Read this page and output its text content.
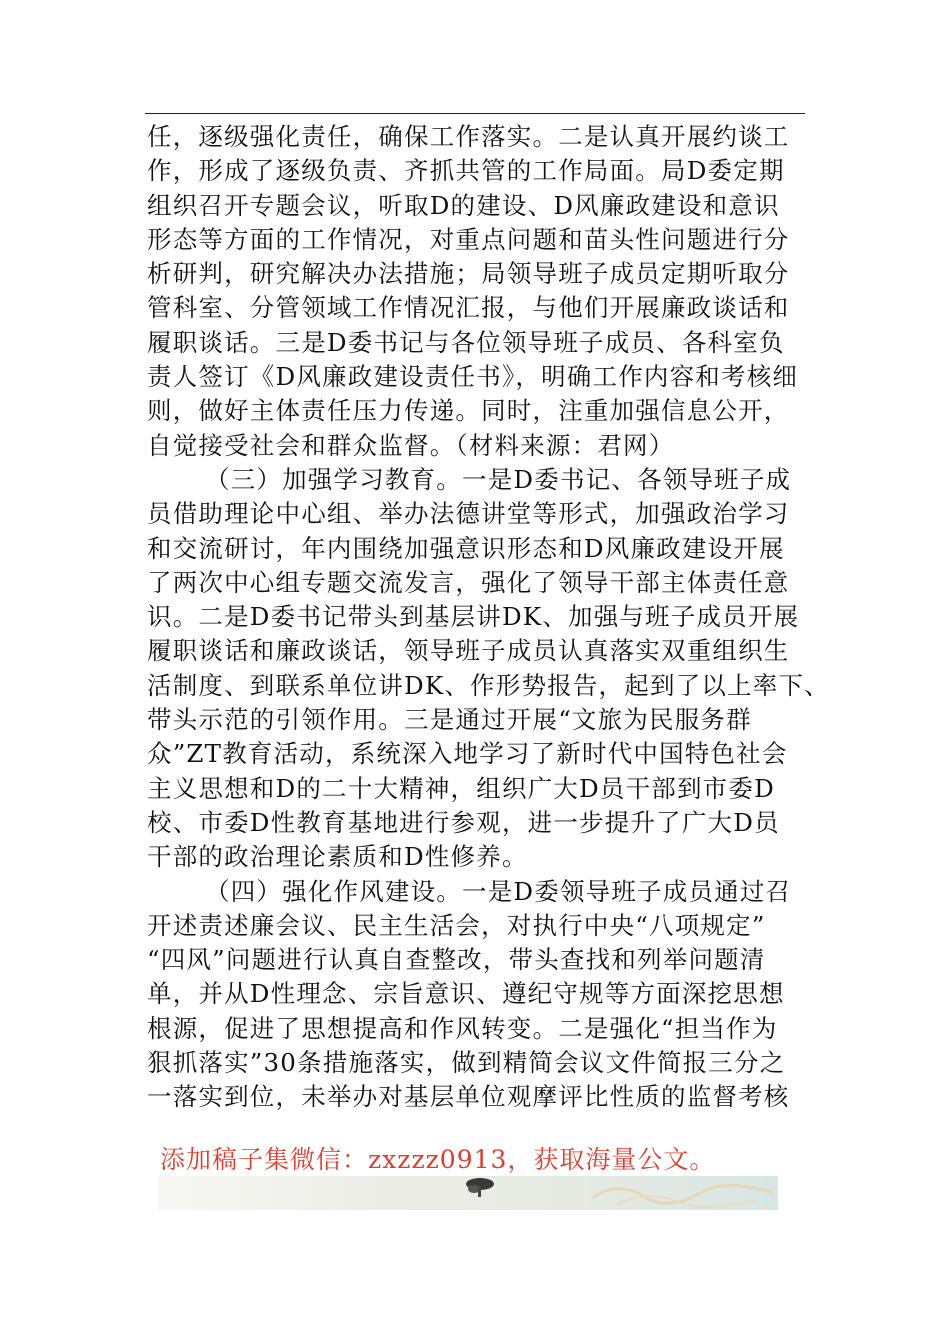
任，逐级强化责任，确保工作落实。二是认真开展约谈工
作，形成了逐级负责、齐抓共管的工作局面。局D委定期
组织召开专题会议，听取D的建设、D风廉政建设和意识
形态等方面的工作情况，对重点问题和苗头性问题进行分
析研判，研究解决办法措施；局领导班子成员定期听取分
管科室、分管领域工作情况汇报，与他们开展廉政谈话和
履职谈话。三是D委书记与各位领导班子成员、各科室负
责人签订《D风廉政建设责任书》，明确工作内容和考核细
则，做好主体责任压力传递。同时，注重加强信息公开，
自觉接受社会和群众监督。（材料来源：君网）
（三）加强学习教育。一是D委书记、各领导班子成
员借助理论中心组、举办法德讲堂等形式，加强政治学习
和交流研讨，年内围绕加强意识形态和D风廉政建设开展
了两次中心组专题交流发言，强化了领导干部主体责任意
识。二是D委书记带头到基层讲DK、加强与班子成员开展
履职谈话和廉政谈话，领导班子成员认真落实双重组织生
活制度、到联系单位讲DK、作形势报告，起到了以上率下、
带头示范的引领作用。三是通过开展“文旅为民服务群
众”ZT教育活动，系统深入地学习了新时代中国特色社会
主义思想和D的二十大精神，组织广大D员干部到市委D
校、市委D性教育基地进行参观，进一步提升了广大D员
干部的政治理论素质和D性修养。
（四）强化作风建设。一是D委领导班子成员通过召
开述责述廉会议、民主生活会，对执行中央“八项规定”
“四风”问题进行认真自查整改，带头查找和列举问题清
单，并从D性理念、宗旨意识、遵纪守规等方面深挖思想
根源，促进了思想提高和作风转变。二是强化“担当作为
狠抓落实”30条措施落实，做到精简会议文件简报三分之
一落实到位，未举办对基层单位观摩评比性质的监督考核
添加稿子集微信：zxzzz0913，获取海量公文。
